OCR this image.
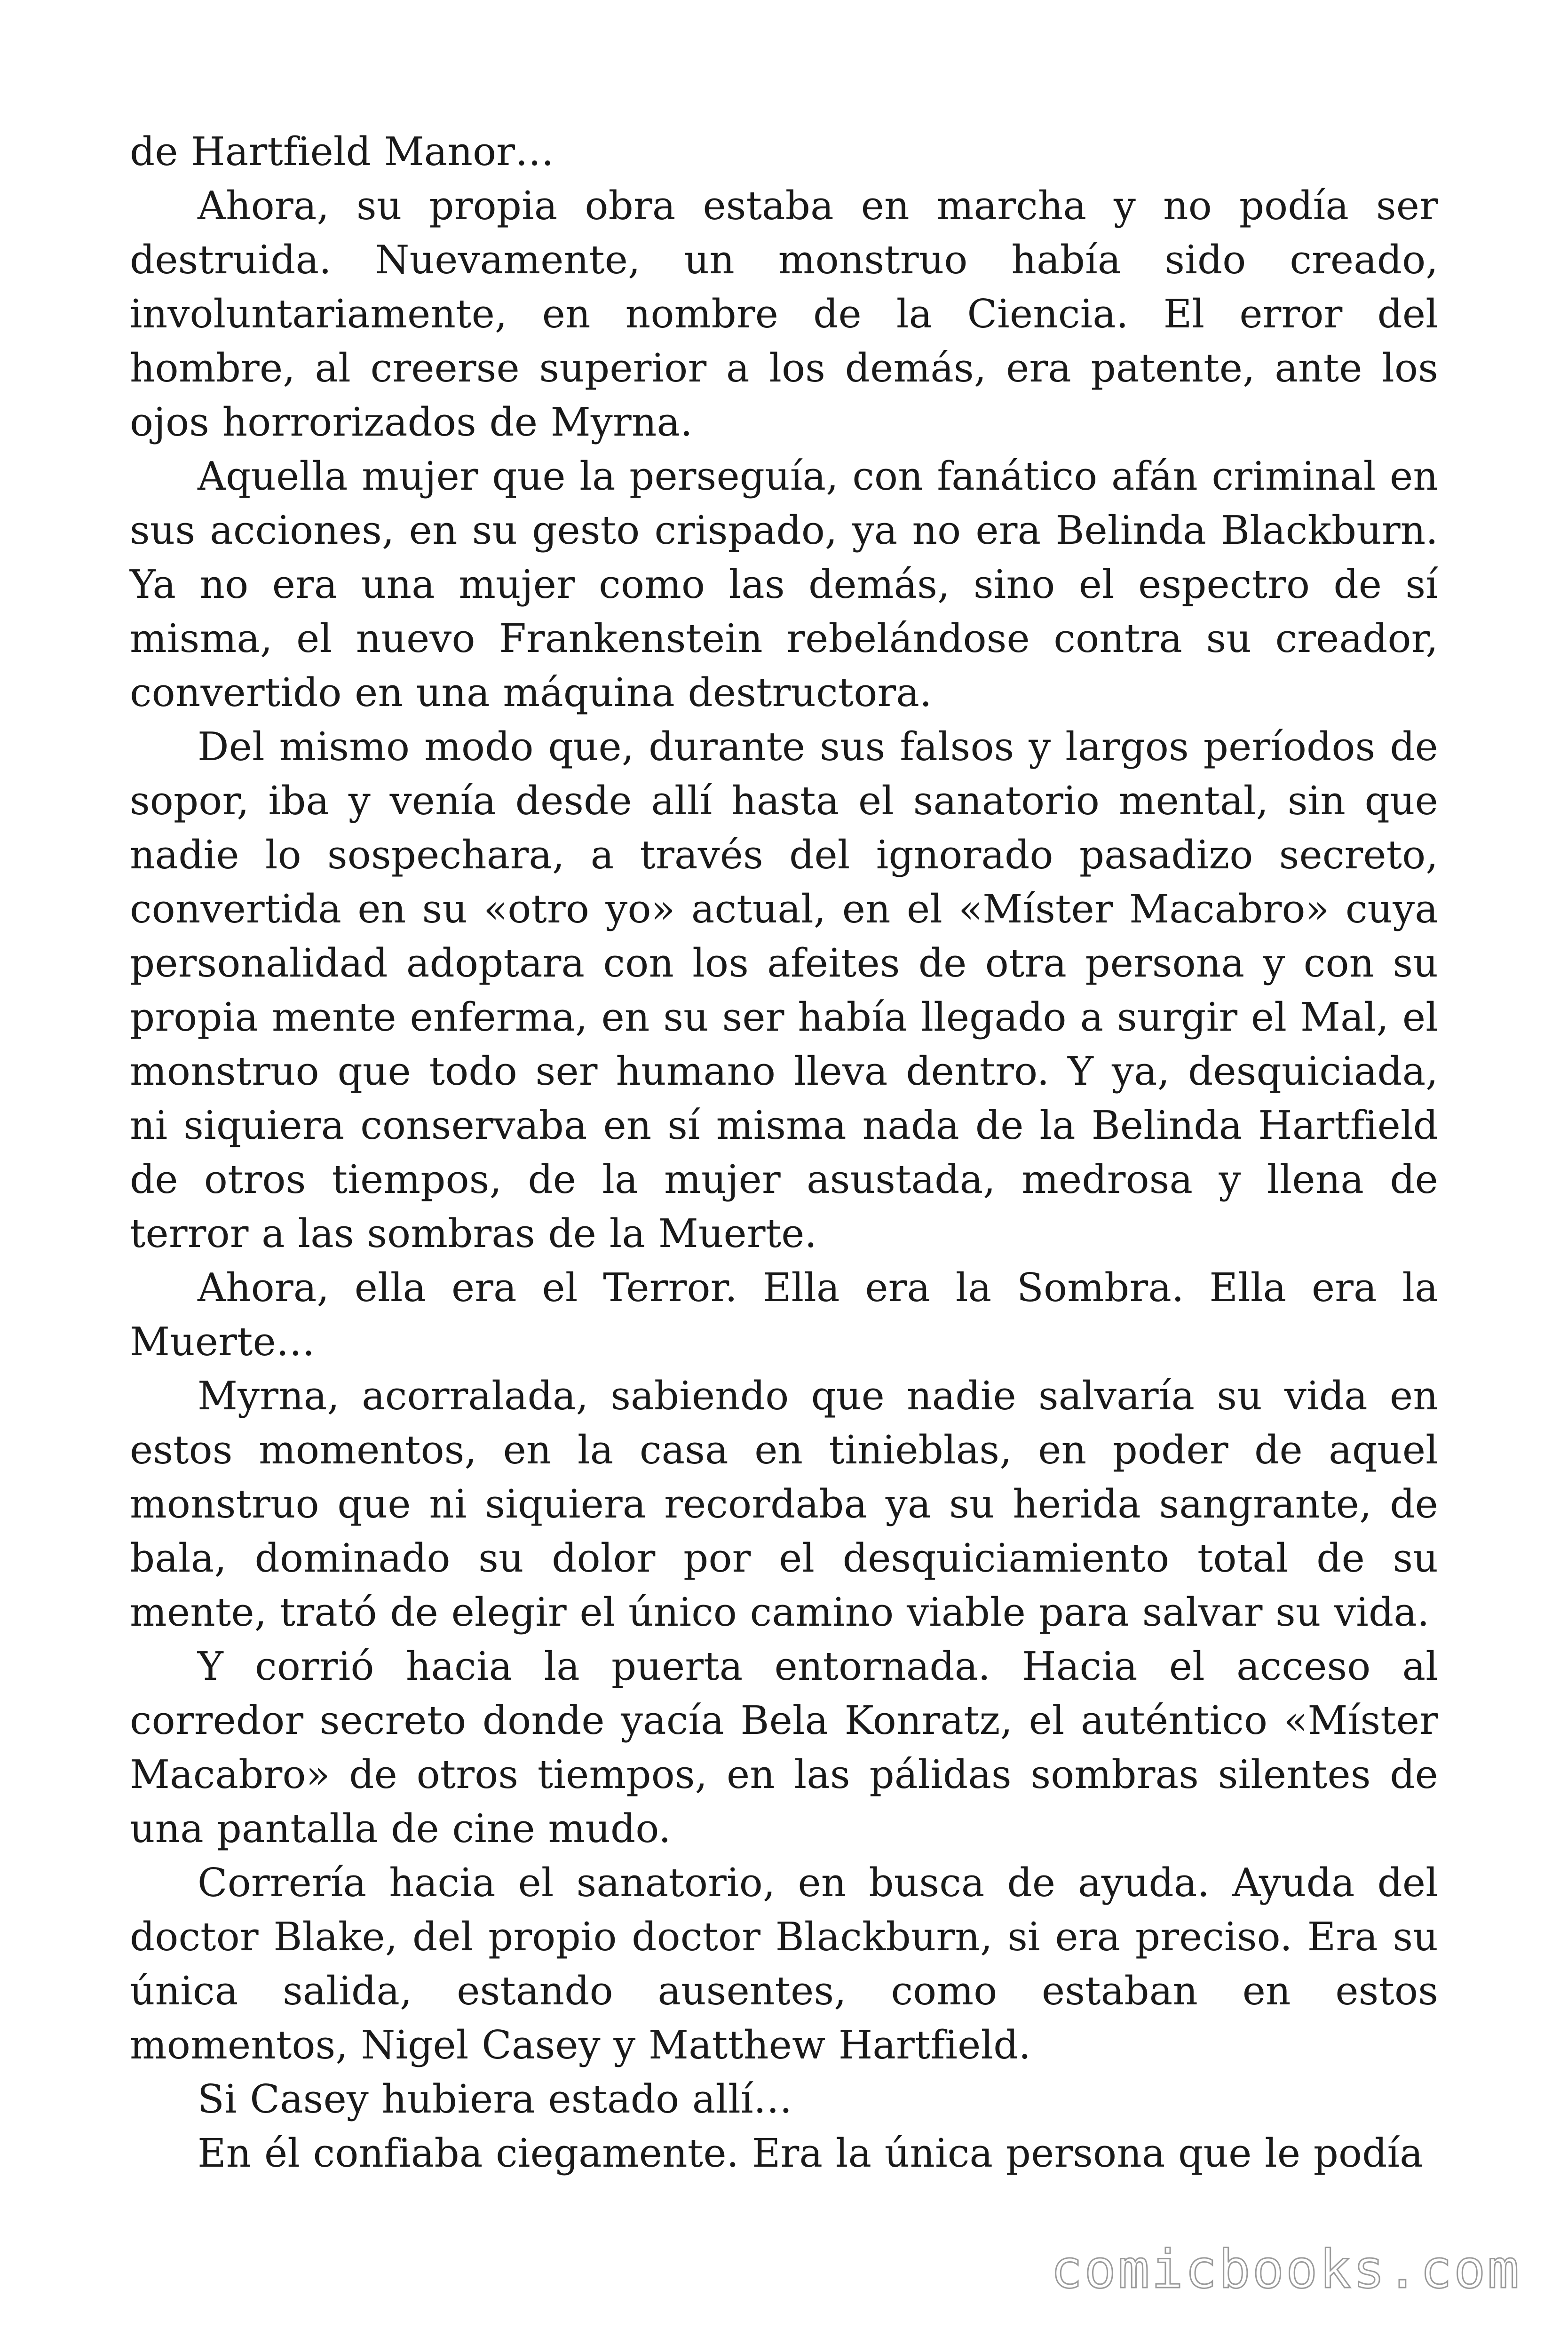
de Hartfield Manor…

Ahora, su propia obra estaba en marcha y no podía ser destruida. Nuevamente, un monstruo había sido creado, involuntariamente, en nombre de la Ciencia. El error del hombre, al creerse superior a los demás, era patente, ante los ojos horrorizados de Myrna.

Aquella mujer que la perseguía, con fanático afán criminal en sus acciones, en su gesto crispado, ya no era Belinda Blackburn. Ya no era una mujer como las demás, sino el espectro de sí misma, el nuevo Frankenstein rebelándose contra su creador, convertido en una máquina destructora.

Del mismo modo que, durante sus falsos y largos períodos de sopor, iba y venía desde allí hasta el sanatorio mental, sin que nadie lo sospechara, a través del ignorado pasadizo secreto, convertida en su «otro yo» actual, en el «Míster Macabro» cuya personalidad adoptara con los afeites de otra persona y con su propia mente enferma, en su ser había llegado a surgir el Mal, el monstruo que todo ser humano lleva dentro. Y ya, desquiciada, ni siquiera conservaba en sí misma nada de la Belinda Hartfield de otros tiempos, de la mujer asustada, medrosa y llena de terror a las sombras de la Muerte.

Ahora, ella era el Terror. Ella era la Sombra. Ella era la Muerte…

Myrna, acorralada, sabiendo que nadie salvaría su vida en estos momentos, en la casa en tinieblas, en poder de aquel monstruo que ni siquiera recordaba ya su herida sangrante, de bala, dominado su dolor por el desquiciamiento total de su mente, trató de elegir el único camino viable para salvar su vida.

Y corrió hacia la puerta entornada. Hacia el acceso al corredor secreto donde yacía Bela Konratz, el auténtico «Míster Macabro» de otros tiempos, en las pálidas sombras silentes de una pantalla de cine mudo.

Correría hacia el sanatorio, en busca de ayuda. Ayuda del doctor Blake, del propio doctor Blackburn, si era preciso. Era su única salida, estando ausentes, como estaban en estos momentos, Nigel Casey y Matthew Hartfield.

Si Casey hubiera estado allí…

En él confiaba ciegamente. Era la única persona que le podía

comicbooks.com
